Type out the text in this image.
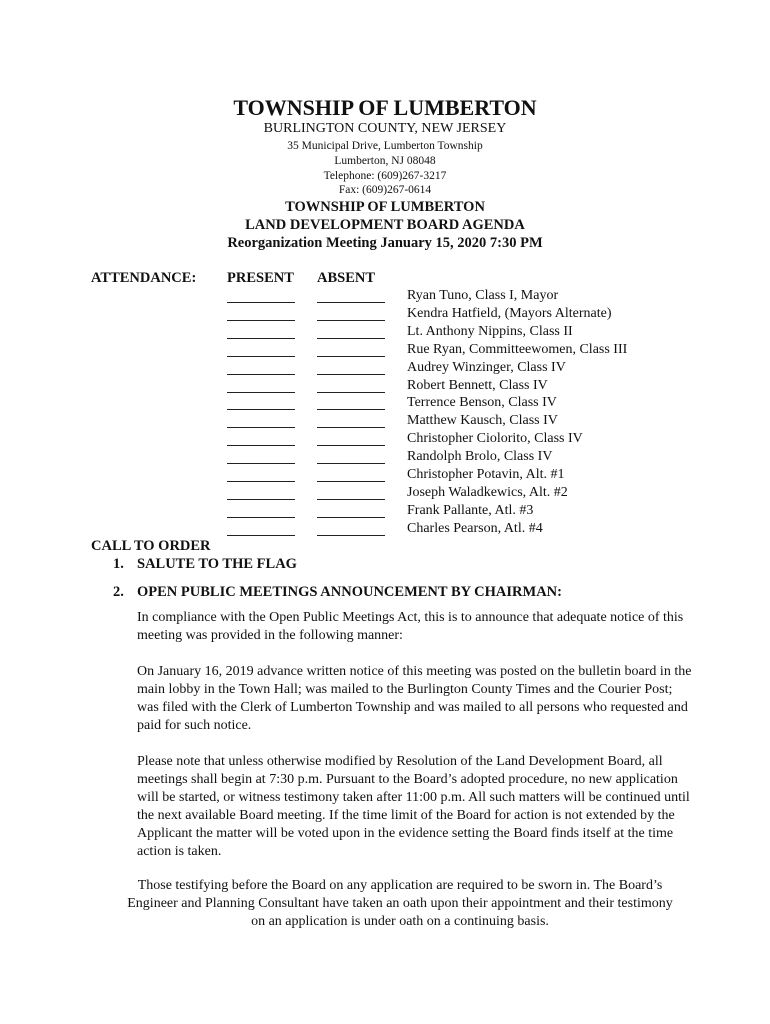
TOWNSHIP OF LUMBERTON
BURLINGTON COUNTY, NEW JERSEY
35 Municipal Drive, Lumberton Township
Lumberton, NJ 08048
Telephone: (609)267-3217
Fax: (609)267-0614
TOWNSHIP OF LUMBERTON
LAND DEVELOPMENT BOARD AGENDA
Reorganization Meeting January 15, 2020 7:30 PM
ATTENDANCE: PRESENT ABSENT
Ryan Tuno, Class I, Mayor
Kendra Hatfield, (Mayors Alternate)
Lt. Anthony Nippins, Class II
Rue Ryan, Committeewomen, Class III
Audrey Winzinger, Class IV
Robert Bennett, Class IV
Terrence Benson, Class IV
Matthew Kausch, Class IV
Christopher Ciolorito, Class IV
Randolph Brolo, Class IV
Christopher Potavin, Alt. #1
Joseph Waladkewics, Alt. #2
Frank Pallante, Atl. #3
Charles Pearson, Atl. #4
CALL TO ORDER
1. SALUTE TO THE FLAG
2. OPEN PUBLIC MEETINGS ANNOUNCEMENT BY CHAIRMAN:
In compliance with the Open Public Meetings Act, this is to announce that adequate notice of this meeting was provided in the following manner:
On January 16, 2019 advance written notice of this meeting was posted on the bulletin board in the main lobby in the Town Hall; was mailed to the Burlington County Times and the Courier Post; was filed with the Clerk of Lumberton Township and was mailed to all persons who requested and paid for such notice.
Please note that unless otherwise modified by Resolution of the Land Development Board, all meetings shall begin at 7:30 p.m. Pursuant to the Board’s adopted procedure, no new application will be started, or witness testimony taken after 11:00 p.m. All such matters will be continued until the next available Board meeting. If the time limit of the Board for action is not extended by the Applicant the matter will be voted upon in the evidence setting the Board finds itself at the time action is taken.
Those testifying before the Board on any application are required to be sworn in. The Board’s Engineer and Planning Consultant have taken an oath upon their appointment and their testimony on an application is under oath on a continuing basis.
